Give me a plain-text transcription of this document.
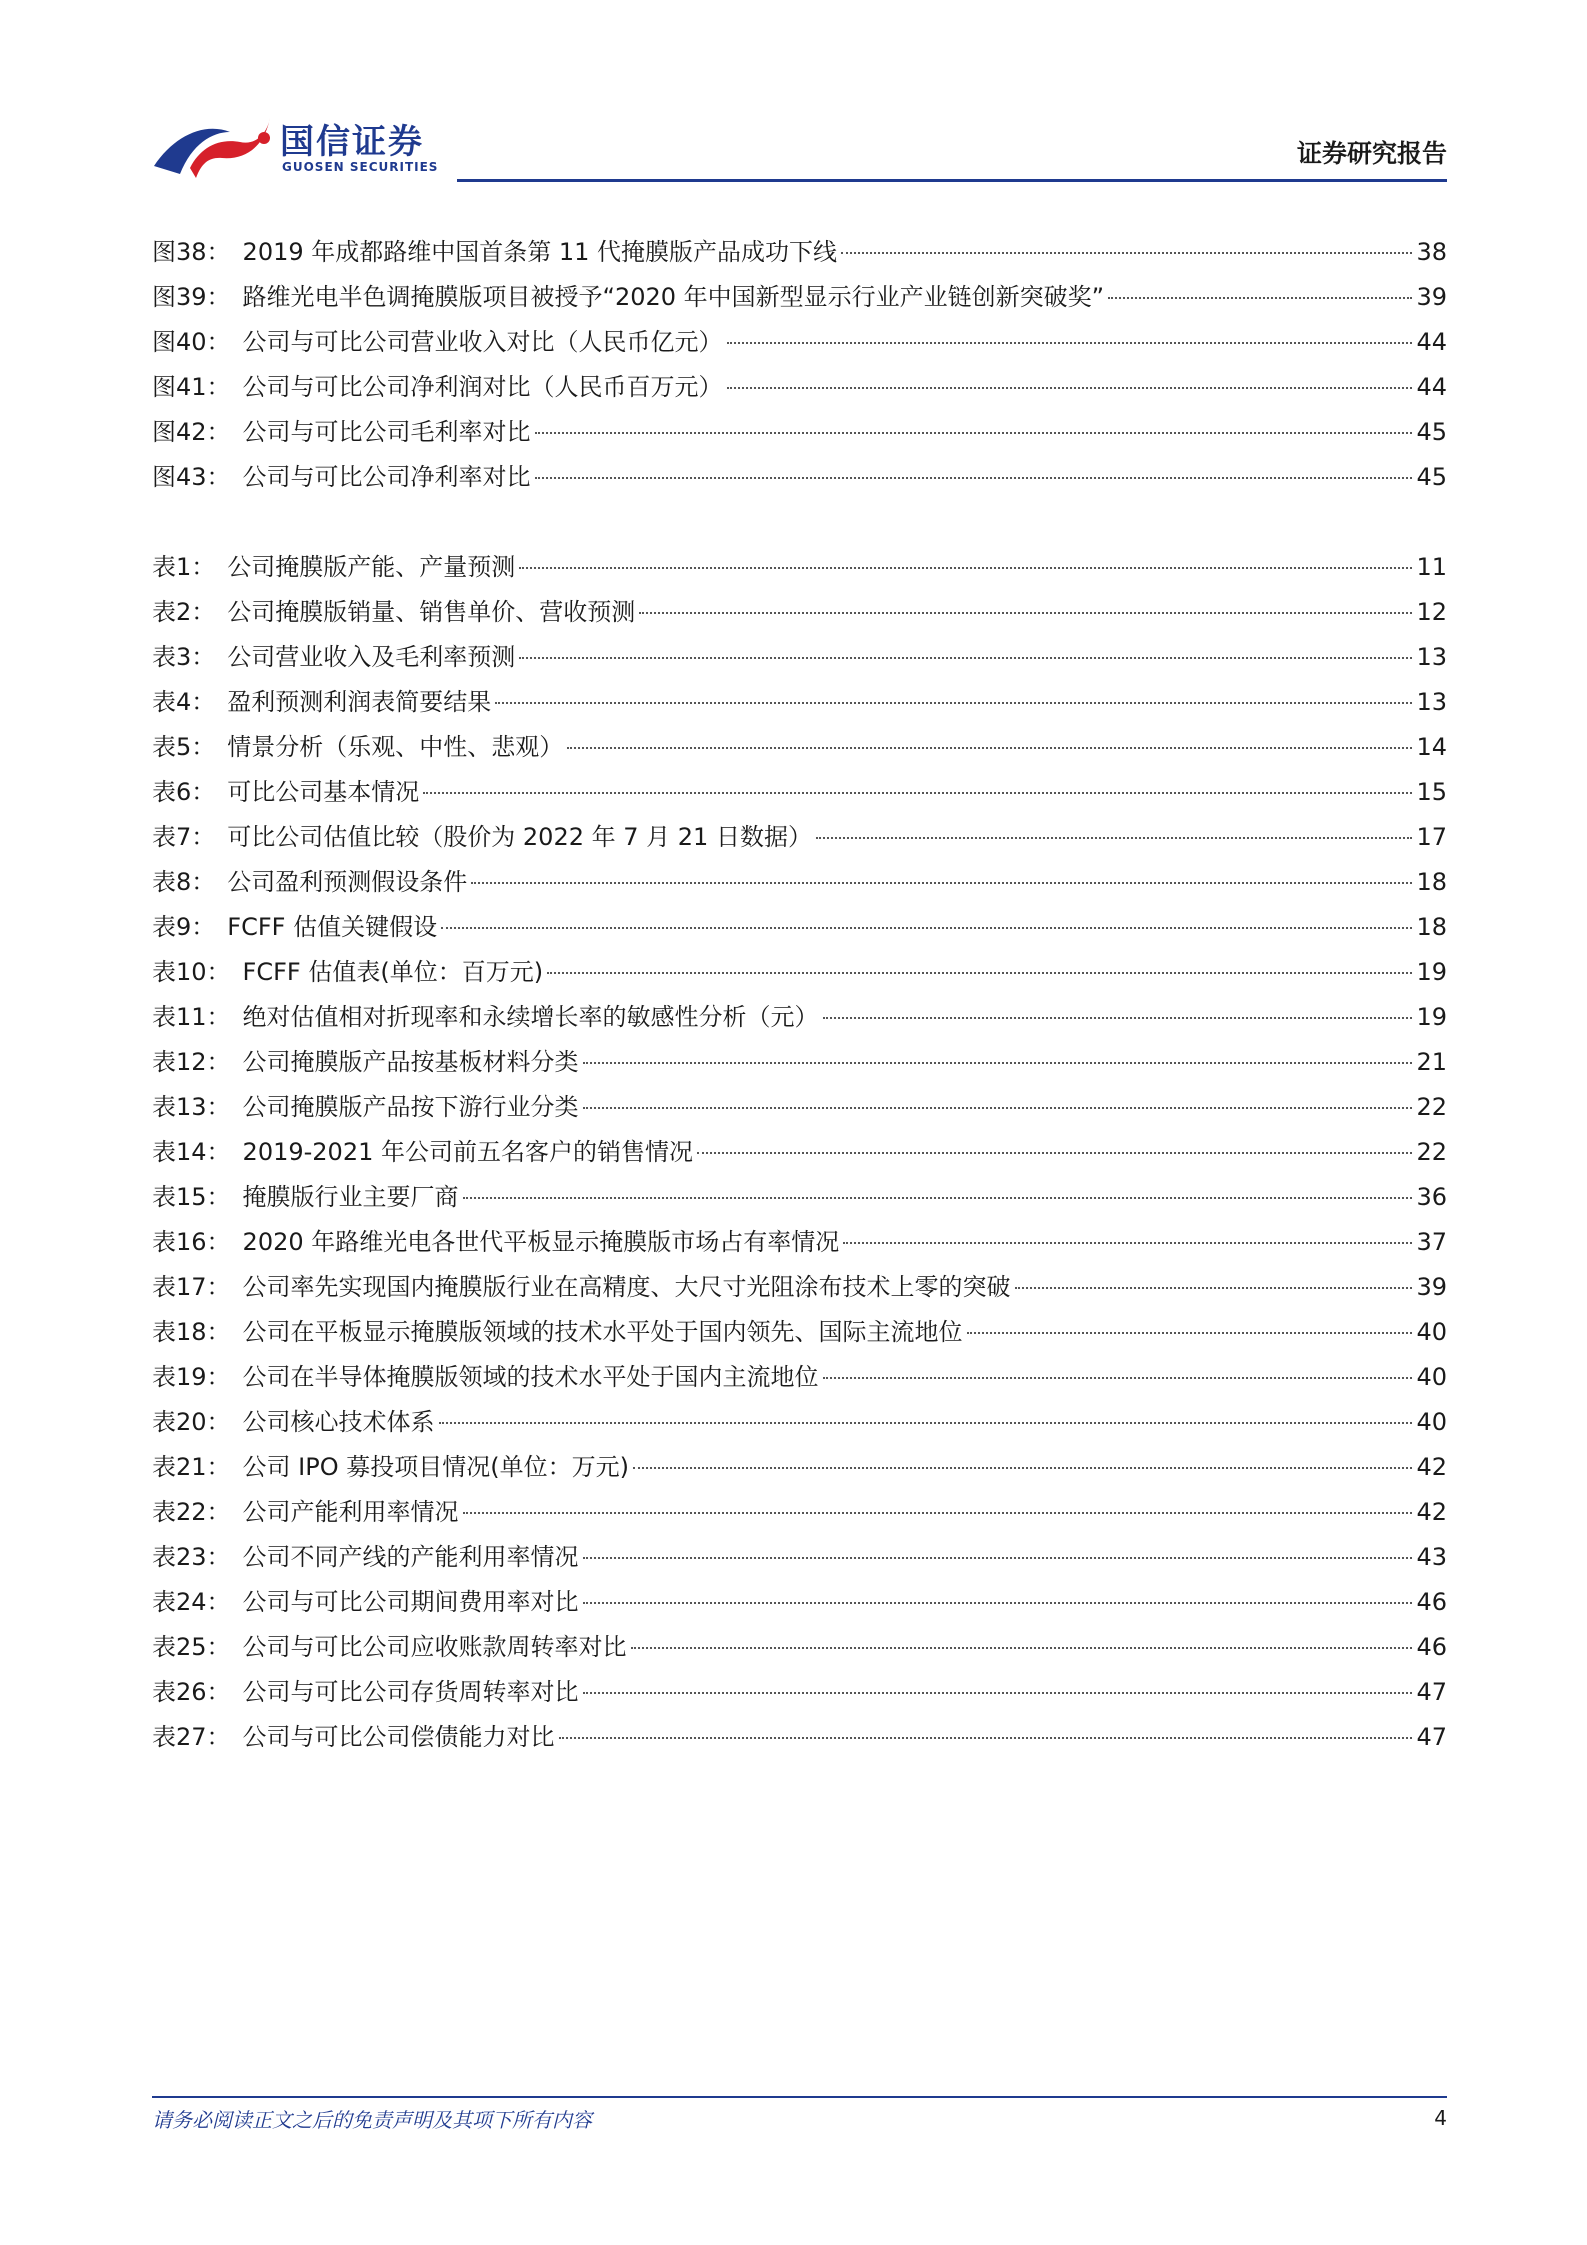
国信证券
GUOSEN SECURITIES	证券研究报告
图38： 2019 年成都路维中国首条第 11 代掩膜版产品成功下线	38
图39： 路维光电半色调掩膜版项目被授予“2020 年中国新型显示行业产业链创新突破奖”	39
图40： 公司与可比公司营业收入对比（人民币亿元）	44
图41： 公司与可比公司净利润对比（人民币百万元）	44
图42： 公司与可比公司毛利率对比	45
图43： 公司与可比公司净利率对比	45
表1： 公司掩膜版产能、产量预测	11
表2： 公司掩膜版销量、销售单价、营收预测	12
表3： 公司营业收入及毛利率预测	13
表4： 盈利预测利润表简要结果	13
表5： 情景分析（乐观、中性、悲观）	14
表6： 可比公司基本情况	15
表7： 可比公司估值比较（股价为 2022 年 7 月 21 日数据）	17
表8： 公司盈利预测假设条件	18
表9： FCFF 估值关键假设	18
表10： FCFF 估值表(单位：百万元)	19
表11： 绝对估值相对折现率和永续增长率的敏感性分析（元）	19
表12： 公司掩膜版产品按基板材料分类	21
表13： 公司掩膜版产品按下游行业分类	22
表14： 2019-2021 年公司前五名客户的销售情况	22
表15： 掩膜版行业主要厂商	36
表16： 2020 年路维光电各世代平板显示掩膜版市场占有率情况	37
表17： 公司率先实现国内掩膜版行业在高精度、大尺寸光阻涂布技术上零的突破	39
表18： 公司在平板显示掩膜版领域的技术水平处于国内领先、国际主流地位	40
表19： 公司在半导体掩膜版领域的技术水平处于国内主流地位	40
表20： 公司核心技术体系	40
表21： 公司 IPO 募投项目情况(单位：万元)	42
表22： 公司产能利用率情况	42
表23： 公司不同产线的产能利用率情况	43
表24： 公司与可比公司期间费用率对比	46
表25： 公司与可比公司应收账款周转率对比	46
表26： 公司与可比公司存货周转率对比	47
表27： 公司与可比公司偿债能力对比	47
请务必阅读正文之后的免责声明及其项下所有内容	4
